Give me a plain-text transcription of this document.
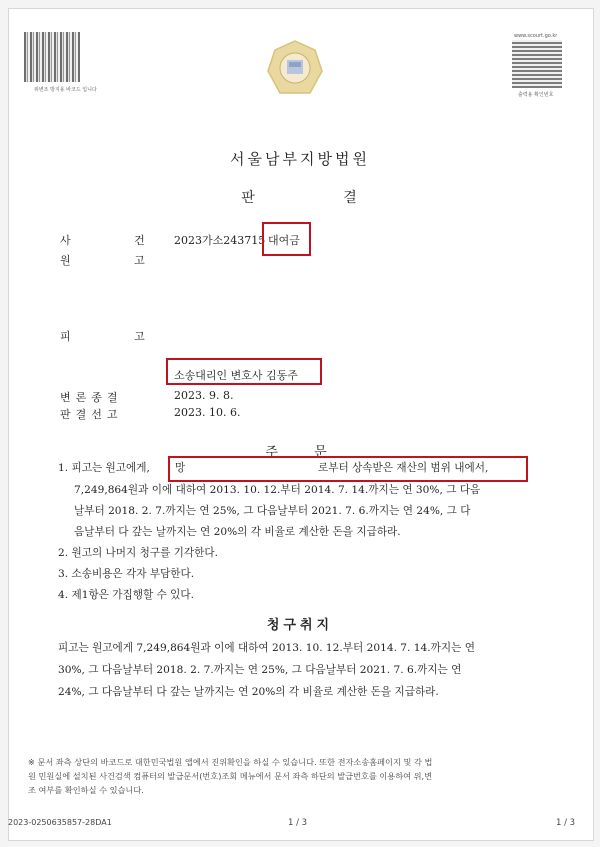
위변조 방지용 바코드 입니다
www.scourt.go.kr
출력용 확인번호
서울남부지방법원
판 결
사 건 2023가소243715 대여금
원 고
피 고
소송대리인 변호사 김동주
변론종결	2023. 9. 8.
판결선고	2023. 10. 6.
주 문
1. 피고는 원고에게, 망	로부터 상속받은 재산의 범위 내에서,
7,249,864원과 이에 대하여 2013. 10. 12.부터 2014. 7. 14.까지는 연 30%, 그 다음
날부터 2018. 2. 7.까지는 연 25%, 그 다음날부터 2021. 7. 6.까지는 연 24%, 그 다
음날부터 다 갚는 날까지는 연 20%의 각 비율로 계산한 돈을 지급하라.
2. 원고의 나머지 청구를 기각한다.
3. 소송비용은 각자 부담한다.
4. 제1항은 가집행할 수 있다.
청구취지
피고는 원고에게 7,249,864원과 이에 대하여 2013. 10. 12.부터 2014. 7. 14.까지는 연
30%, 그 다음날부터 2018. 2. 7.까지는 연 25%, 그 다음날부터 2021. 7. 6.까지는 연
24%, 그 다음날부터 다 갚는 날까지는 연 20%의 각 비율로 계산한 돈을 지급하라.
※ 문서 좌측 상단의 바코드로 대한민국법원 앱에서 진위확인을 하실 수 있습니다. 또한 전자소송홈페이지 및 각 법
원 민원실에 설치된 사건검색 컴퓨터의 발급문서(번호)조회 메뉴에서 문서 좌측 하단의 발급번호를 이용하여 위,변
조 여부를 확인하실 수 있습니다.
2023-0250635857-28DA1	1 / 3	1 / 3
